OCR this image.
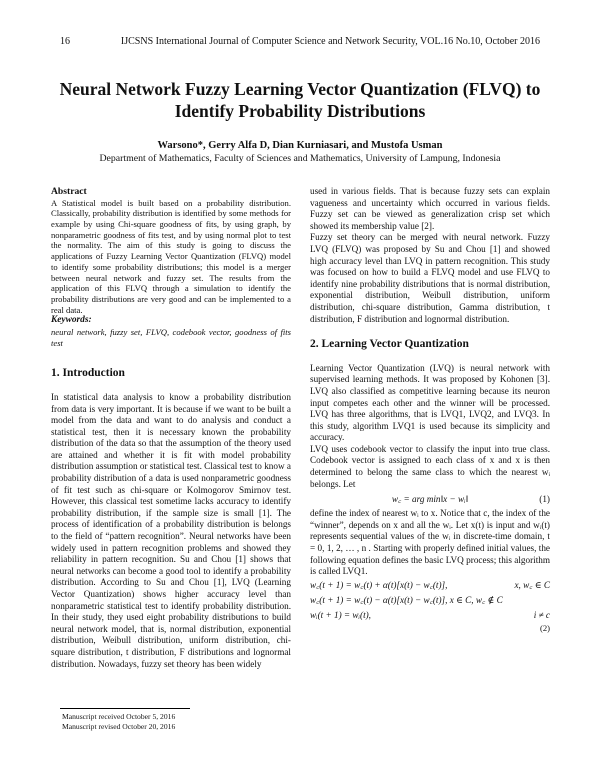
16	IJCSNS International Journal of Computer Science and Network Security, VOL.16 No.10, October 2016
Neural Network Fuzzy Learning Vector Quantization (FLVQ) to
Identify Probability Distributions
Warsono*, Gerry Alfa D, Dian Kurniasari, and Mustofa Usman
Department of Mathematics, Faculty of Sciences and Mathematics, University of Lampung, Indonesia
Abstract

A Statistical model is built based on a probability distribution. Classically, probability distribution is identified by some methods for example by using Chi-square goodness of fits, by using graph, by nonparametric goodness of fits test, and by using normal plot to test the normality. The aim of this study is going to discuss the applications of Fuzzy Learning Vector Quantization (FLVQ) model to identify some probability distributions; this model is a merger between neural network and fuzzy set. The results from the application of this FLVQ through a simulation to identify the probability distributions are very good and can be implemented to a real data.

Keywords:

neural network, fuzzy set, FLVQ, codebook vector, goodness of fits test

1. Introduction

In statistical data analysis to know a probability distribution from data is very important. It is because if we want to be built a model from the data and want to do analysis and conduct a statistical test, then it is necessary known the probability distribution of the data so that the assumption of the theory used are attained and whether it is fit with model probability distribution assumption or statistical test. Classical test to know a probability distribution of a data is used nonparametric goodness of fit test such as chi-square or Kolmogorov Smirnov test. However, this classical test sometime lacks accuracy to identify probability distribution, if the sample size is small [1]. The process of identification of a probability distribution is belongs to the field of “pattern recognition”. Neural networks have been widely used in pattern recognition problems and showed they reliability in pattern recognition. Su and Chou [1] shows that neural networks can become a good tool to identify a probability distribution. According to Su and Chou [1], LVQ (Learning Vector Quantization) shows higher accuracy level than nonparametric statistical test to identify probability distribution. In their study, they used eight probability distributions to build neural network model, that is, normal distribution, exponential distribution, Weibull distribution, uniform distribution, chi-square distribution, t distribution, F distributions and lognormal distribution. Nowadays, fuzzy set theory has been widely

used in various fields. That is because fuzzy sets can explain vagueness and uncertainty which occurred in various fields. Fuzzy set can be viewed as generalization crisp set which showed its membership value [2].

Fuzzy set theory can be merged with neural network. Fuzzy LVQ (FLVQ) was proposed by Su and Chou [1] and showed high accuracy level than LVQ in pattern recognition. This study was focused on how to build a FLVQ model and use FLVQ to identify nine probability distributions that is normal distribution, exponential distribution, Weibull distribution, uniform distribution, chi-square distribution, Gamma distribution, t distribution, F distribution and lognormal distribution.

2. Learning Vector Quantization

Learning Vector Quantization (LVQ) is neural network with supervised learning methods. It was proposed by Kohonen [3]. LVQ also classified as competitive learning because its neuron input competes each other and the winner will be processed. LVQ has three algorithms, that is LVQ1, LVQ2, and LVQ3. In this study, algorithm LVQ1 is used because its simplicity and accuracy.

LVQ uses codebook vector to classify the input into true class. Codebook vector is assigned to each class of x and x is then determined to belong the same class to which the nearest wᵢ belongs. Let

w꜀ = arg min‖x − wᵢ‖	(1)

define the index of nearest wᵢ to x. Notice that c, the index of the “winner”, depends on x and all the wᵢ. Let x(t) is input and wᵢ(t) represents sequential values of the wᵢ in discrete-time domain, t = 0, 1, 2, … , n . Starting with properly defined initial values, the following equation defines the basic LVQ process; this algorithm is called LVQ1.

w꜀(t + 1) = w꜀(t) + α(t)[x(t) − w꜀(t)],	x, w꜀ ∈ C
w꜀(t + 1) = w꜀(t) − α(t)[x(t) − w꜀(t)], x ∈ C, w꜀ ∉ C
wᵢ(t + 1) = wᵢ(t),	i ≠ c
(2)
Manuscript received October 5, 2016
Manuscript revised October 20, 2016
